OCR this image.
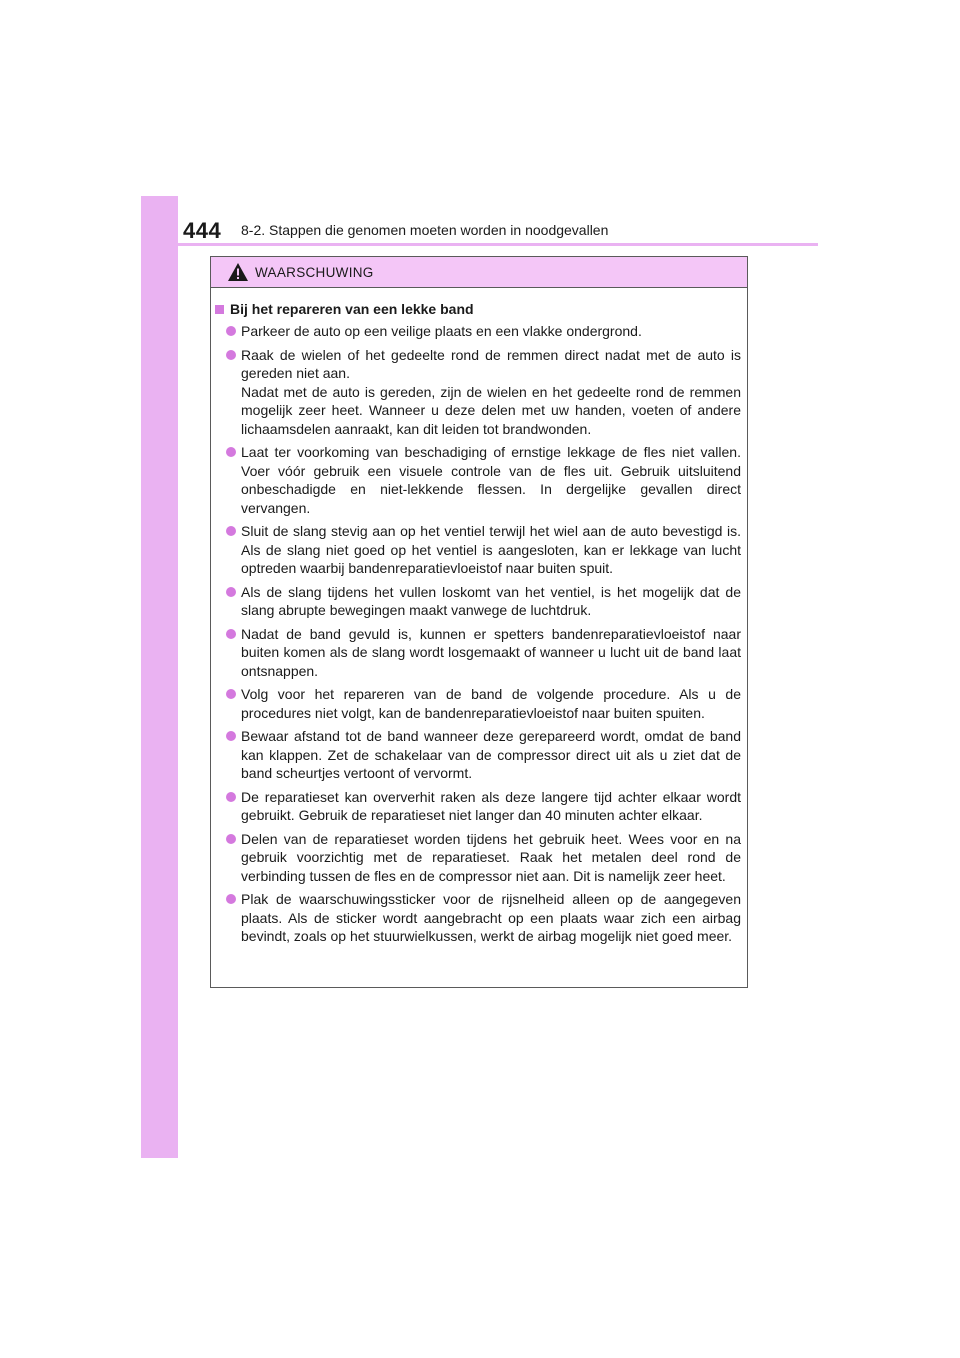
444 8-2. Stappen die genomen moeten worden in noodgevallen
WAARSCHUWING
Bij het repareren van een lekke band
Parkeer de auto op een veilige plaats en een vlakke ondergrond.
Raak de wielen of het gedeelte rond de remmen direct nadat met de auto is gereden niet aan.
Nadat met de auto is gereden, zijn de wielen en het gedeelte rond de remmen mogelijk zeer heet. Wanneer u deze delen met uw handen, voeten of andere lichaamsdelen aanraakt, kan dit leiden tot brandwonden.
Laat ter voorkoming van beschadiging of ernstige lekkage de fles niet vallen. Voer vóór gebruik een visuele controle van de fles uit. Gebruik uitsluitend onbeschadigde en niet-lekkende flessen. In dergelijke gevallen direct vervangen.
Sluit de slang stevig aan op het ventiel terwijl het wiel aan de auto bevestigd is. Als de slang niet goed op het ventiel is aangesloten, kan er lekkage van lucht optreden waarbij bandenreparatievloeistof naar buiten spuit.
Als de slang tijdens het vullen loskomt van het ventiel, is het mogelijk dat de slang abrupte bewegingen maakt vanwege de luchtdruk.
Nadat de band gevuld is, kunnen er spetters bandenreparatievloeistof naar buiten komen als de slang wordt losgemaakt of wanneer u lucht uit de band laat ontsnappen.
Volg voor het repareren van de band de volgende procedure. Als u de procedures niet volgt, kan de bandenreparatievloeistof naar buiten spuiten.
Bewaar afstand tot de band wanneer deze gerepareerd wordt, omdat de band kan klappen. Zet de schakelaar van de compressor direct uit als u ziet dat de band scheurtjes vertoont of vervormt.
De reparatieset kan oververhit raken als deze langere tijd achter elkaar wordt gebruikt. Gebruik de reparatieset niet langer dan 40 minuten achter elkaar.
Delen van de reparatieset worden tijdens het gebruik heet. Wees voor en na gebruik voorzichtig met de reparatieset. Raak het metalen deel rond de verbinding tussen de fles en de compressor niet aan. Dit is namelijk zeer heet.
Plak de waarschuwingssticker voor de rijsnelheid alleen op de aangegeven plaats. Als de sticker wordt aangebracht op een plaats waar zich een airbag bevindt, zoals op het stuurwielkussen, werkt de airbag mogelijk niet goed meer.
